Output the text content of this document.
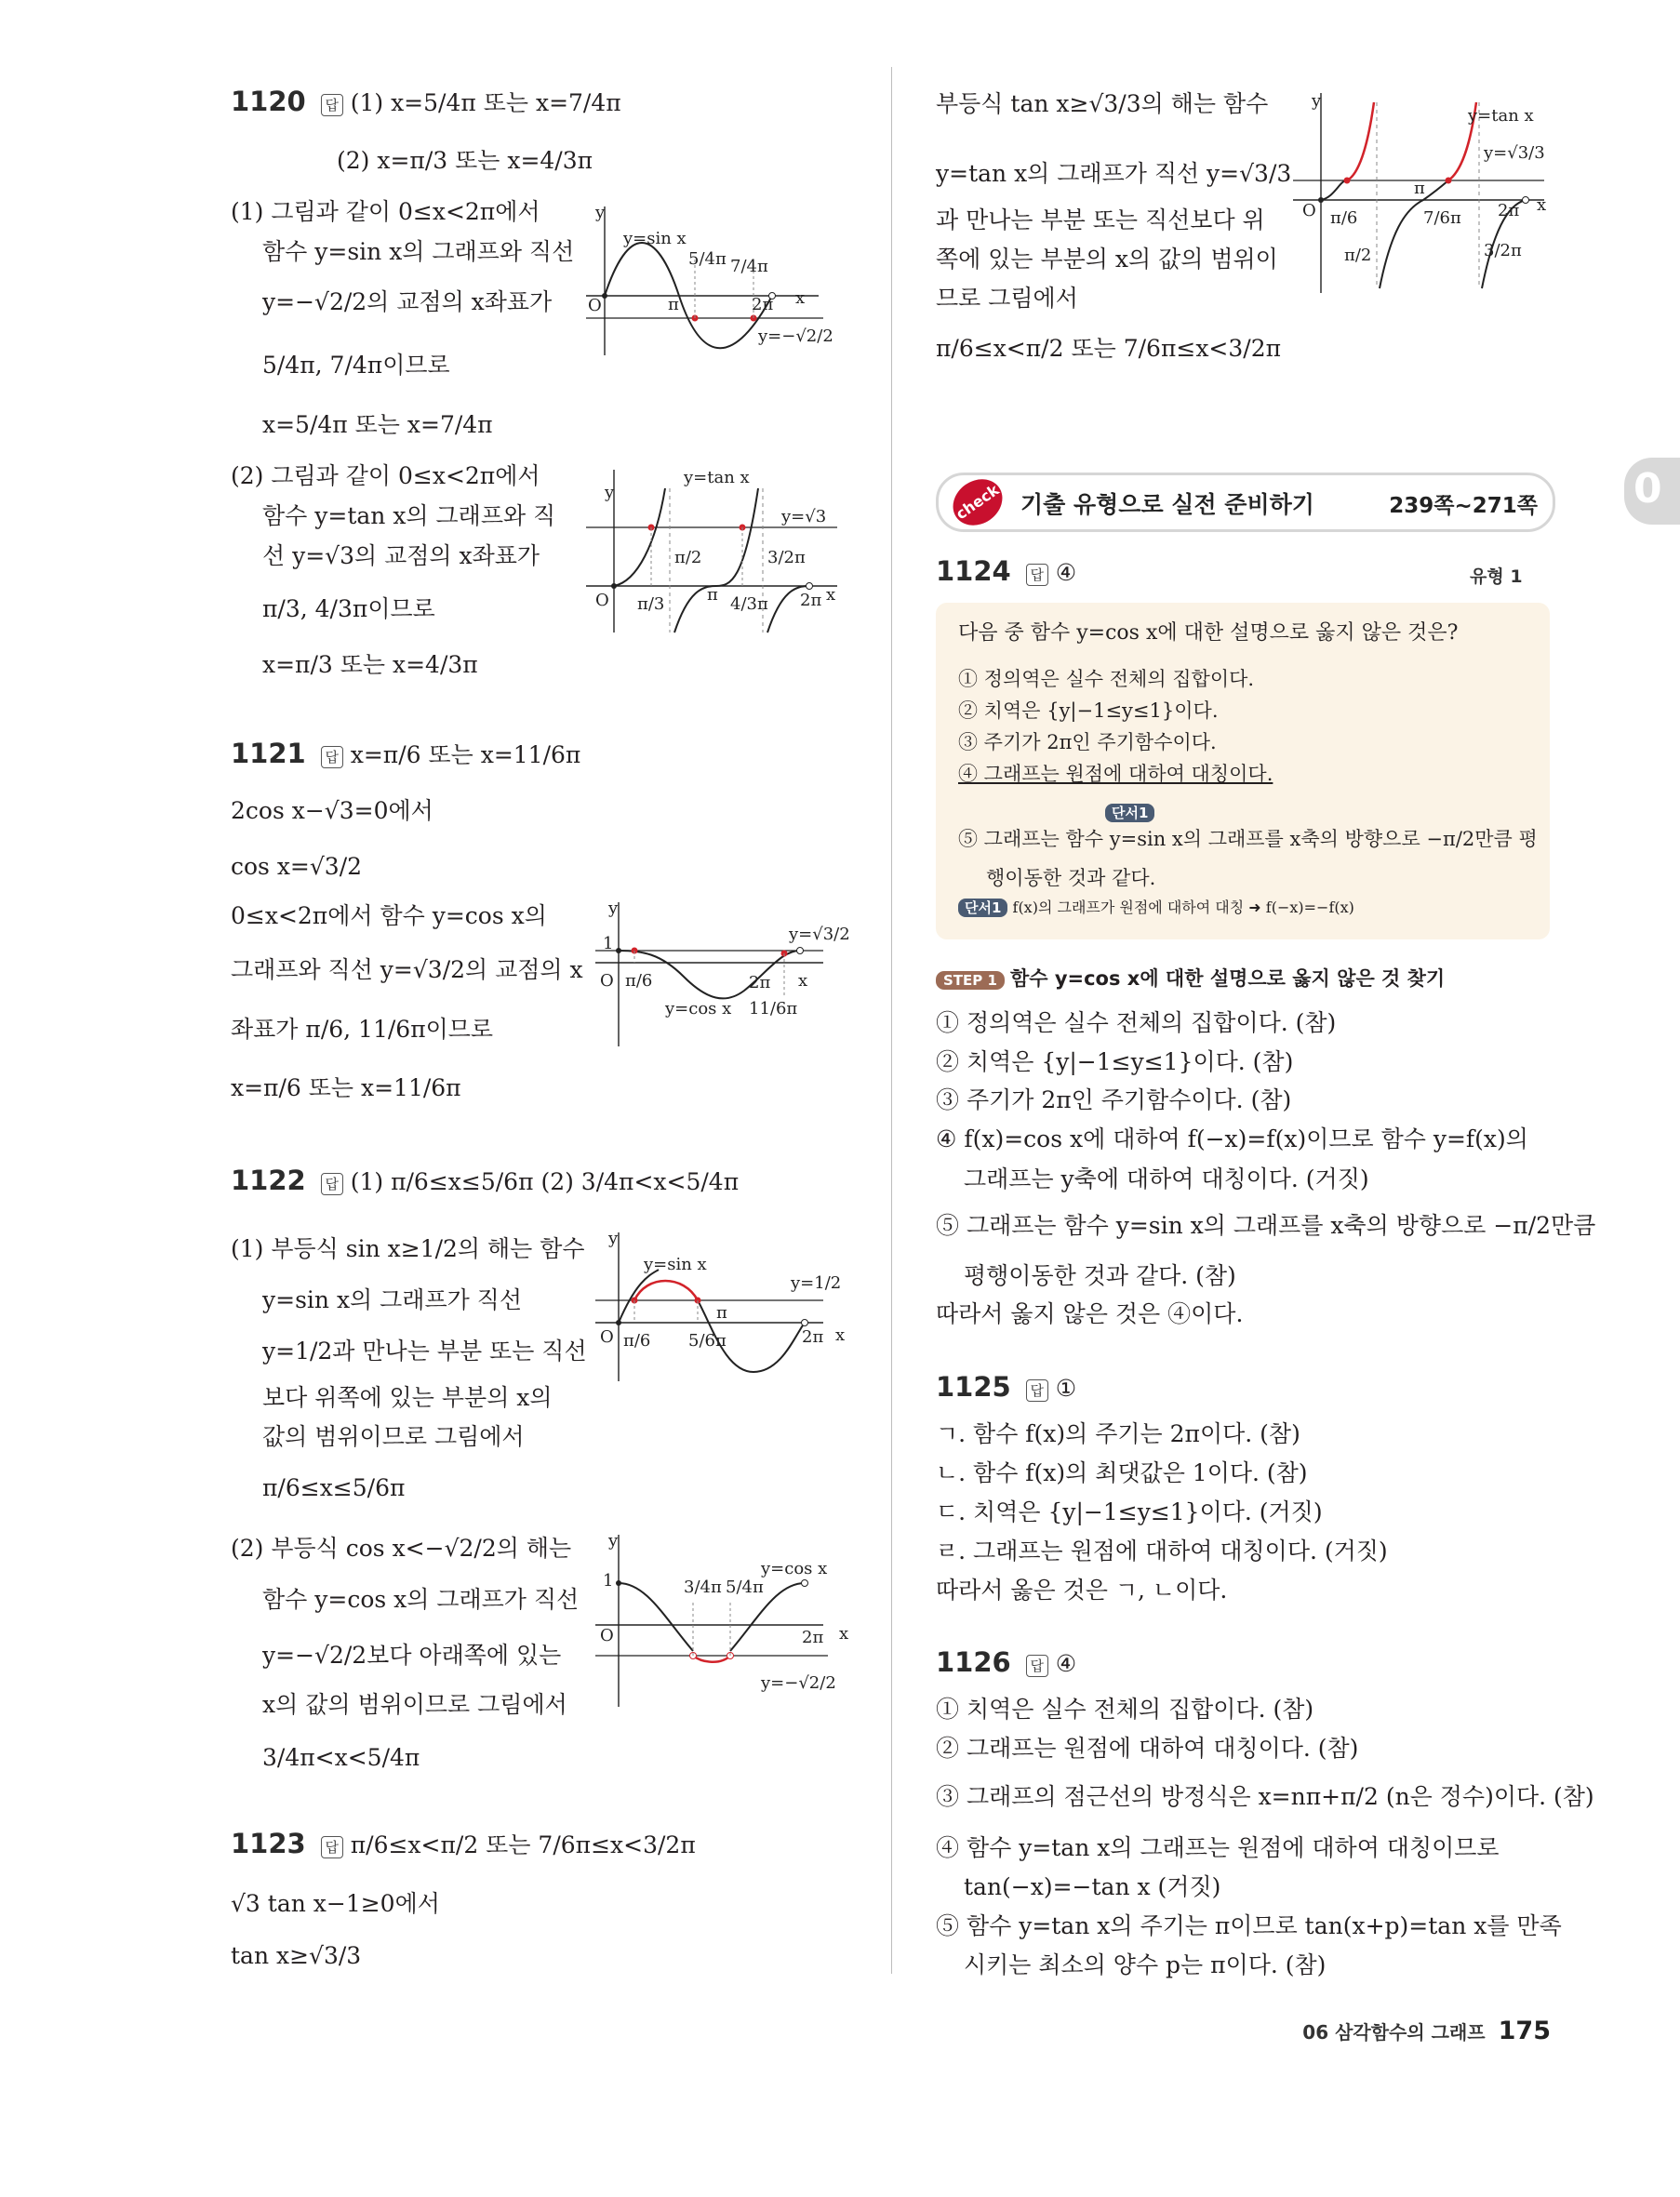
1120 답 (1) x=5/4π 또는 x=7/4π
(2) x=π/3 또는 x=4/3π
(1) 그림과 같이 0≤x<2π에서
함수 y=sin x의 그래프와 직선
y=−√2/2의 교점의 x좌표가
5/4π, 7/4π이므로
x=5/4π 또는 x=7/4π
y
y=sin x
5/4π 7/4π
π	2π x
O
y=−√2/2
(2) 그림과 같이 0≤x<2π에서
함수 y=tan x의 그래프와 직
선 y=√3의 교점의 x좌표가
π/3, 4/3π이므로
x=π/3 또는 x=4/3π
y
y=tan x
y=√3
π/2	3/2π
π/3	π 4/3π 2π x
O
1121 답 x=π/6 또는 x=11/6π
2cos x−√3=0에서
cos x=√3/2
0≤x<2π에서 함수 y=cos x의
그래프와 직선 y=√3/2의 교점의 x
좌표가 π/6, 11/6π이므로
x=π/6 또는 x=11/6π
y
1	y=√3/2
π/6
y=cos x
2π
11/6π
x
O
1122 답 (1) π/6≤x≤5/6π (2) 3/4π<x<5/4π
(1) 부등식 sin x≥1/2의 해는 함수
y=sin x의 그래프가 직선
y=1/2과 만나는 부분 또는 직선
보다 위쪽에 있는 부분의 x의
값의 범위이므로 그림에서
π/6≤x≤5/6π
y
y=sin x
y=1/2
π
π/6 5/6π	2π x
O
(2) 부등식 cos x<−√2/2의 해는
함수 y=cos x의 그래프가 직선
y=−√2/2보다 아래쪽에 있는
x의 값의 범위이므로 그림에서
3/4π<x<5/4π
y
1
y=cos x
3/4π 5/4π
2π x
O
y=−√2/2
1123 답 π/6≤x<π/2 또는 7/6π≤x<3/2π
√3 tan x−1≥0에서
tan x≥√3/3
부등식 tan x≥√3/3의 해는 함수
y=tan x의 그래프가 직선 y=√3/3
과 만나는 부분 또는 직선보다 위
쪽에 있는 부분의 x의 값의 범위이
므로 그림에서
π/6≤x<π/2 또는 7/6π≤x<3/2π
y
y=tan x
y=√3/3
π/6
π/2
π
7/6π 2π
3/2π
x
O
check 기출 유형으로 실전 준비하기	239쪽~271쪽 0
1124 답 ④	유형 1
다음 중 함수 y=cos x에 대한 설명으로 옳지 않은 것은?
① 정의역은 실수 전체의 집합이다.
② 치역은 {y|−1≤y≤1}이다.
③ 주기가 2π인 주기함수이다.
④ 그래프는 원점에 대하여 대칭이다.
단서1
⑤ 그래프는 함수 y=sin x의 그래프를 x축의 방향으로 −π/2만큼 평
행이동한 것과 같다.
단서1 f(x)의 그래프가 원점에 대하여 대칭 ➜ f(−x)=−f(x)
STEP 1 함수 y=cos x에 대한 설명으로 옳지 않은 것 찾기
① 정의역은 실수 전체의 집합이다. (참)
② 치역은 {y|−1≤y≤1}이다. (참)
③ 주기가 2π인 주기함수이다. (참)
④ f(x)=cos x에 대하여 f(−x)=f(x)이므로 함수 y=f(x)의
그래프는 y축에 대하여 대칭이다. (거짓)
⑤ 그래프는 함수 y=sin x의 그래프를 x축의 방향으로 −π/2만큼
평행이동한 것과 같다. (참)
따라서 옳지 않은 것은 ④이다.
1125 답 ①
ㄱ. 함수 f(x)의 주기는 2π이다. (참)
ㄴ. 함수 f(x)의 최댓값은 1이다. (참)
ㄷ. 치역은 {y|−1≤y≤1}이다. (거짓)
ㄹ. 그래프는 원점에 대하여 대칭이다. (거짓)
따라서 옳은 것은 ㄱ, ㄴ이다.
1126 답 ④
① 치역은 실수 전체의 집합이다. (참)
② 그래프는 원점에 대하여 대칭이다. (참)
③ 그래프의 점근선의 방정식은 x=nπ+π/2 (n은 정수)이다. (참)
④ 함수 y=tan x의 그래프는 원점에 대하여 대칭이므로
tan(−x)=−tan x (거짓)
⑤ 함수 y=tan x의 주기는 π이므로 tan(x+p)=tan x를 만족
시키는 최소의 양수 p는 π이다. (참)
06 삼각함수의 그래프 175
